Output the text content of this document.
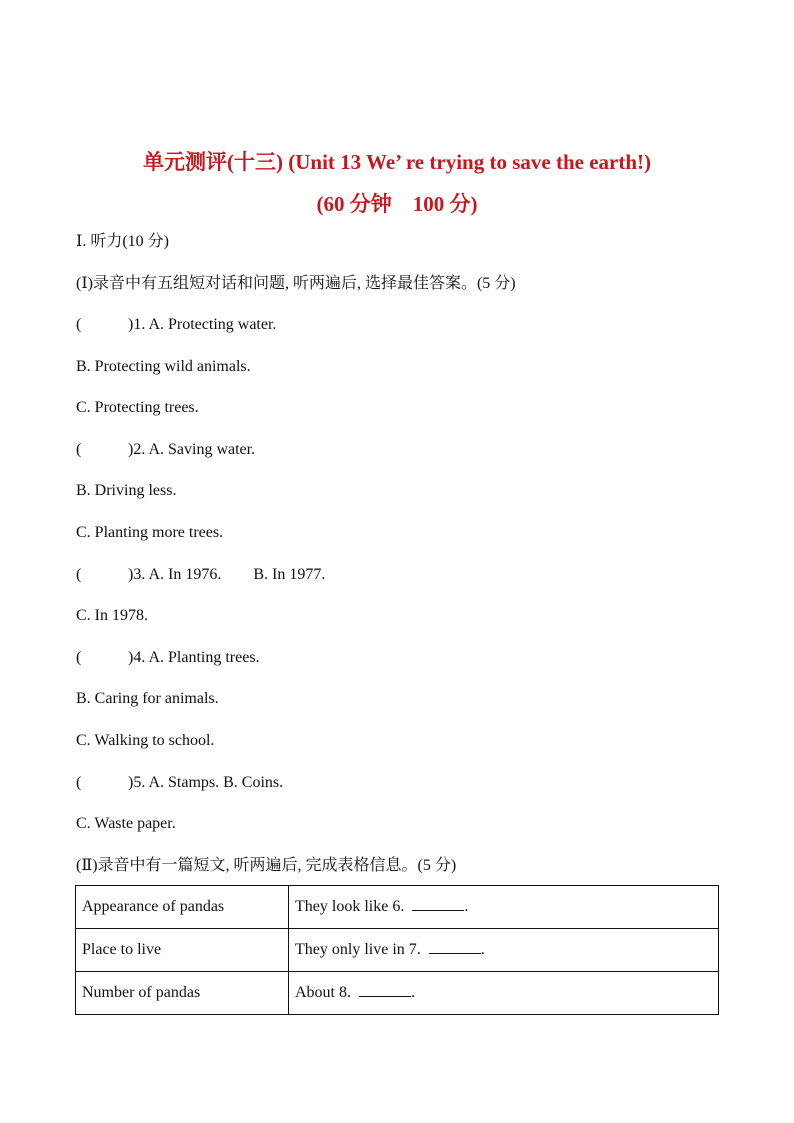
单元测评(十三) (Unit 13 We’ re trying to save the earth!)
(60 分钟　100 分)
Ⅰ. 听力(10 分)
(Ⅰ)录音中有五组短对话和问题, 听两遍后, 选择最佳答案。(5 分)
(	)1. A. Protecting water.
B. Protecting wild animals.
C. Protecting trees.
(	)2. A. Saving water.
B. Driving less.
C. Planting more trees.
(	)3. A. In 1976.        B. In 1977.
C. In 1978.
(	)4. A. Planting trees.
B. Caring for animals.
C. Walking to school.
(	)5. A. Stamps. B. Coins.
C. Waste paper.
(Ⅱ)录音中有一篇短文, 听两遍后, 完成表格信息。(5 分)
Appearance of pandas	They look like 6. .
Place to live	They only live in 7. .
Number of pandas	About 8. .
